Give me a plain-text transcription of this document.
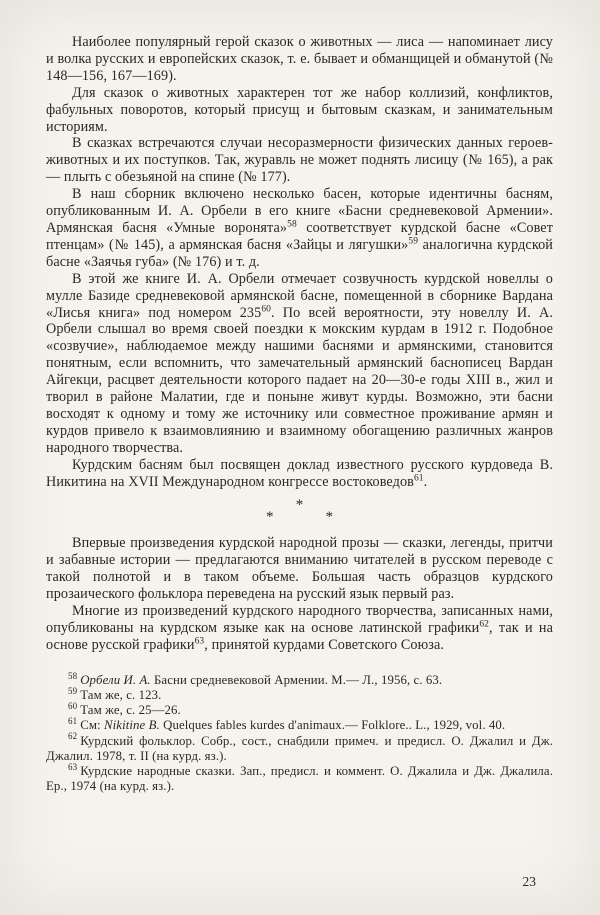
Наиболее популярный герой сказок о животных — лиса — напоминает лису и волка русских и европейских сказок, т. е. бывает и обманщицей и обманутой (№ 148—156, 167—169).

Для сказок о животных характерен тот же набор коллизий, конфликтов, фабульных поворотов, который присущ и бытовым сказкам, и занимательным историям.

В сказках встречаются случаи несоразмерности физических данных героев-животных и их поступков. Так, журавль не может поднять лисицу (№ 165), а рак — плыть с обезьяной на спине (№ 177).

В наш сборник включено несколько басен, которые идентичны басням, опубликованным И. А. Орбели в его книге «Басни средневековой Армении». Армянская басня «Умные воронята»$^{58}$ соответствует курдской басне «Совет птенцам» (№ 145), а армянская басня «Зайцы и лягушки»$^{59}$ аналогична курдской басне «Заячья губа» (№ 176) и т. д.

В этой же книге И. А. Орбели отмечает созвучность курдской новеллы о мулле Базиде средневековой армянской басне, помещенной в сборнике Вардана «Лисья книга» под номером $235^{60}$. По всей вероятности, эту новеллу И. А. Орбели слышал во время своей поездки к мокским курдам в 1912 г. Подобное «созвучие», наблюдаемое между нашими баснями и армянскими, становится понятным, если вспомнить, что замечательный армянский баснописец Вардан Айгекци, расцвет деятельности которого падает на 20—30-е годы XIII в., жил и творил в районе Малатии, где и поныне живут курды. Возможно, эти басни восходят к одному и тому же источнику или совместное проживание армян и курдов привело к взаимовлиянию и взаимному обогащению различных жанров народного творчества.

Курдским басням был посвящен доклад известного русского курдоведа В. Никитина на XVII Международном конгрессе востоковедов$^{61}$.

*
*	*

Впервые произведения курдской народной прозы — сказки, легенды, притчи и забавные истории — предлагаются вниманию читателей в русском переводе с такой полнотой и в таком объеме. Большая часть образцов курдского прозаического фольклора переведена на русский язык первый раз.

Многие из произведений курдского народного творчества, записанных нами, опубликованы на курдском языке как на основе латинской графики$^{62}$, так и на основе русской графики$^{63}$, принятой курдами Советского Союза.

$^{58}$ Орбели И. А. Басни средневековой Армении. М.— Л., 1956, с. 63.

$^{59}$ Там же, с. 123.

$^{60}$ Там же, с. 25—26.

$^{61}$ См: Nikitine B. Quelques fables kurdes d'animaux.— Folklore.. L., 1929, vol. 40.

$^{62}$ Курдский фольклор. Собр., сост., снабдили примеч. и предисл. О. Джалил и Дж. Джалил. 1978, т. II (на курд. яз.).

$^{63}$ Курдские народные сказки. Зап., предисл. и коммент. О. Джалила и Дж. Джалила. Ер., 1974 (на курд. яз.).

23
